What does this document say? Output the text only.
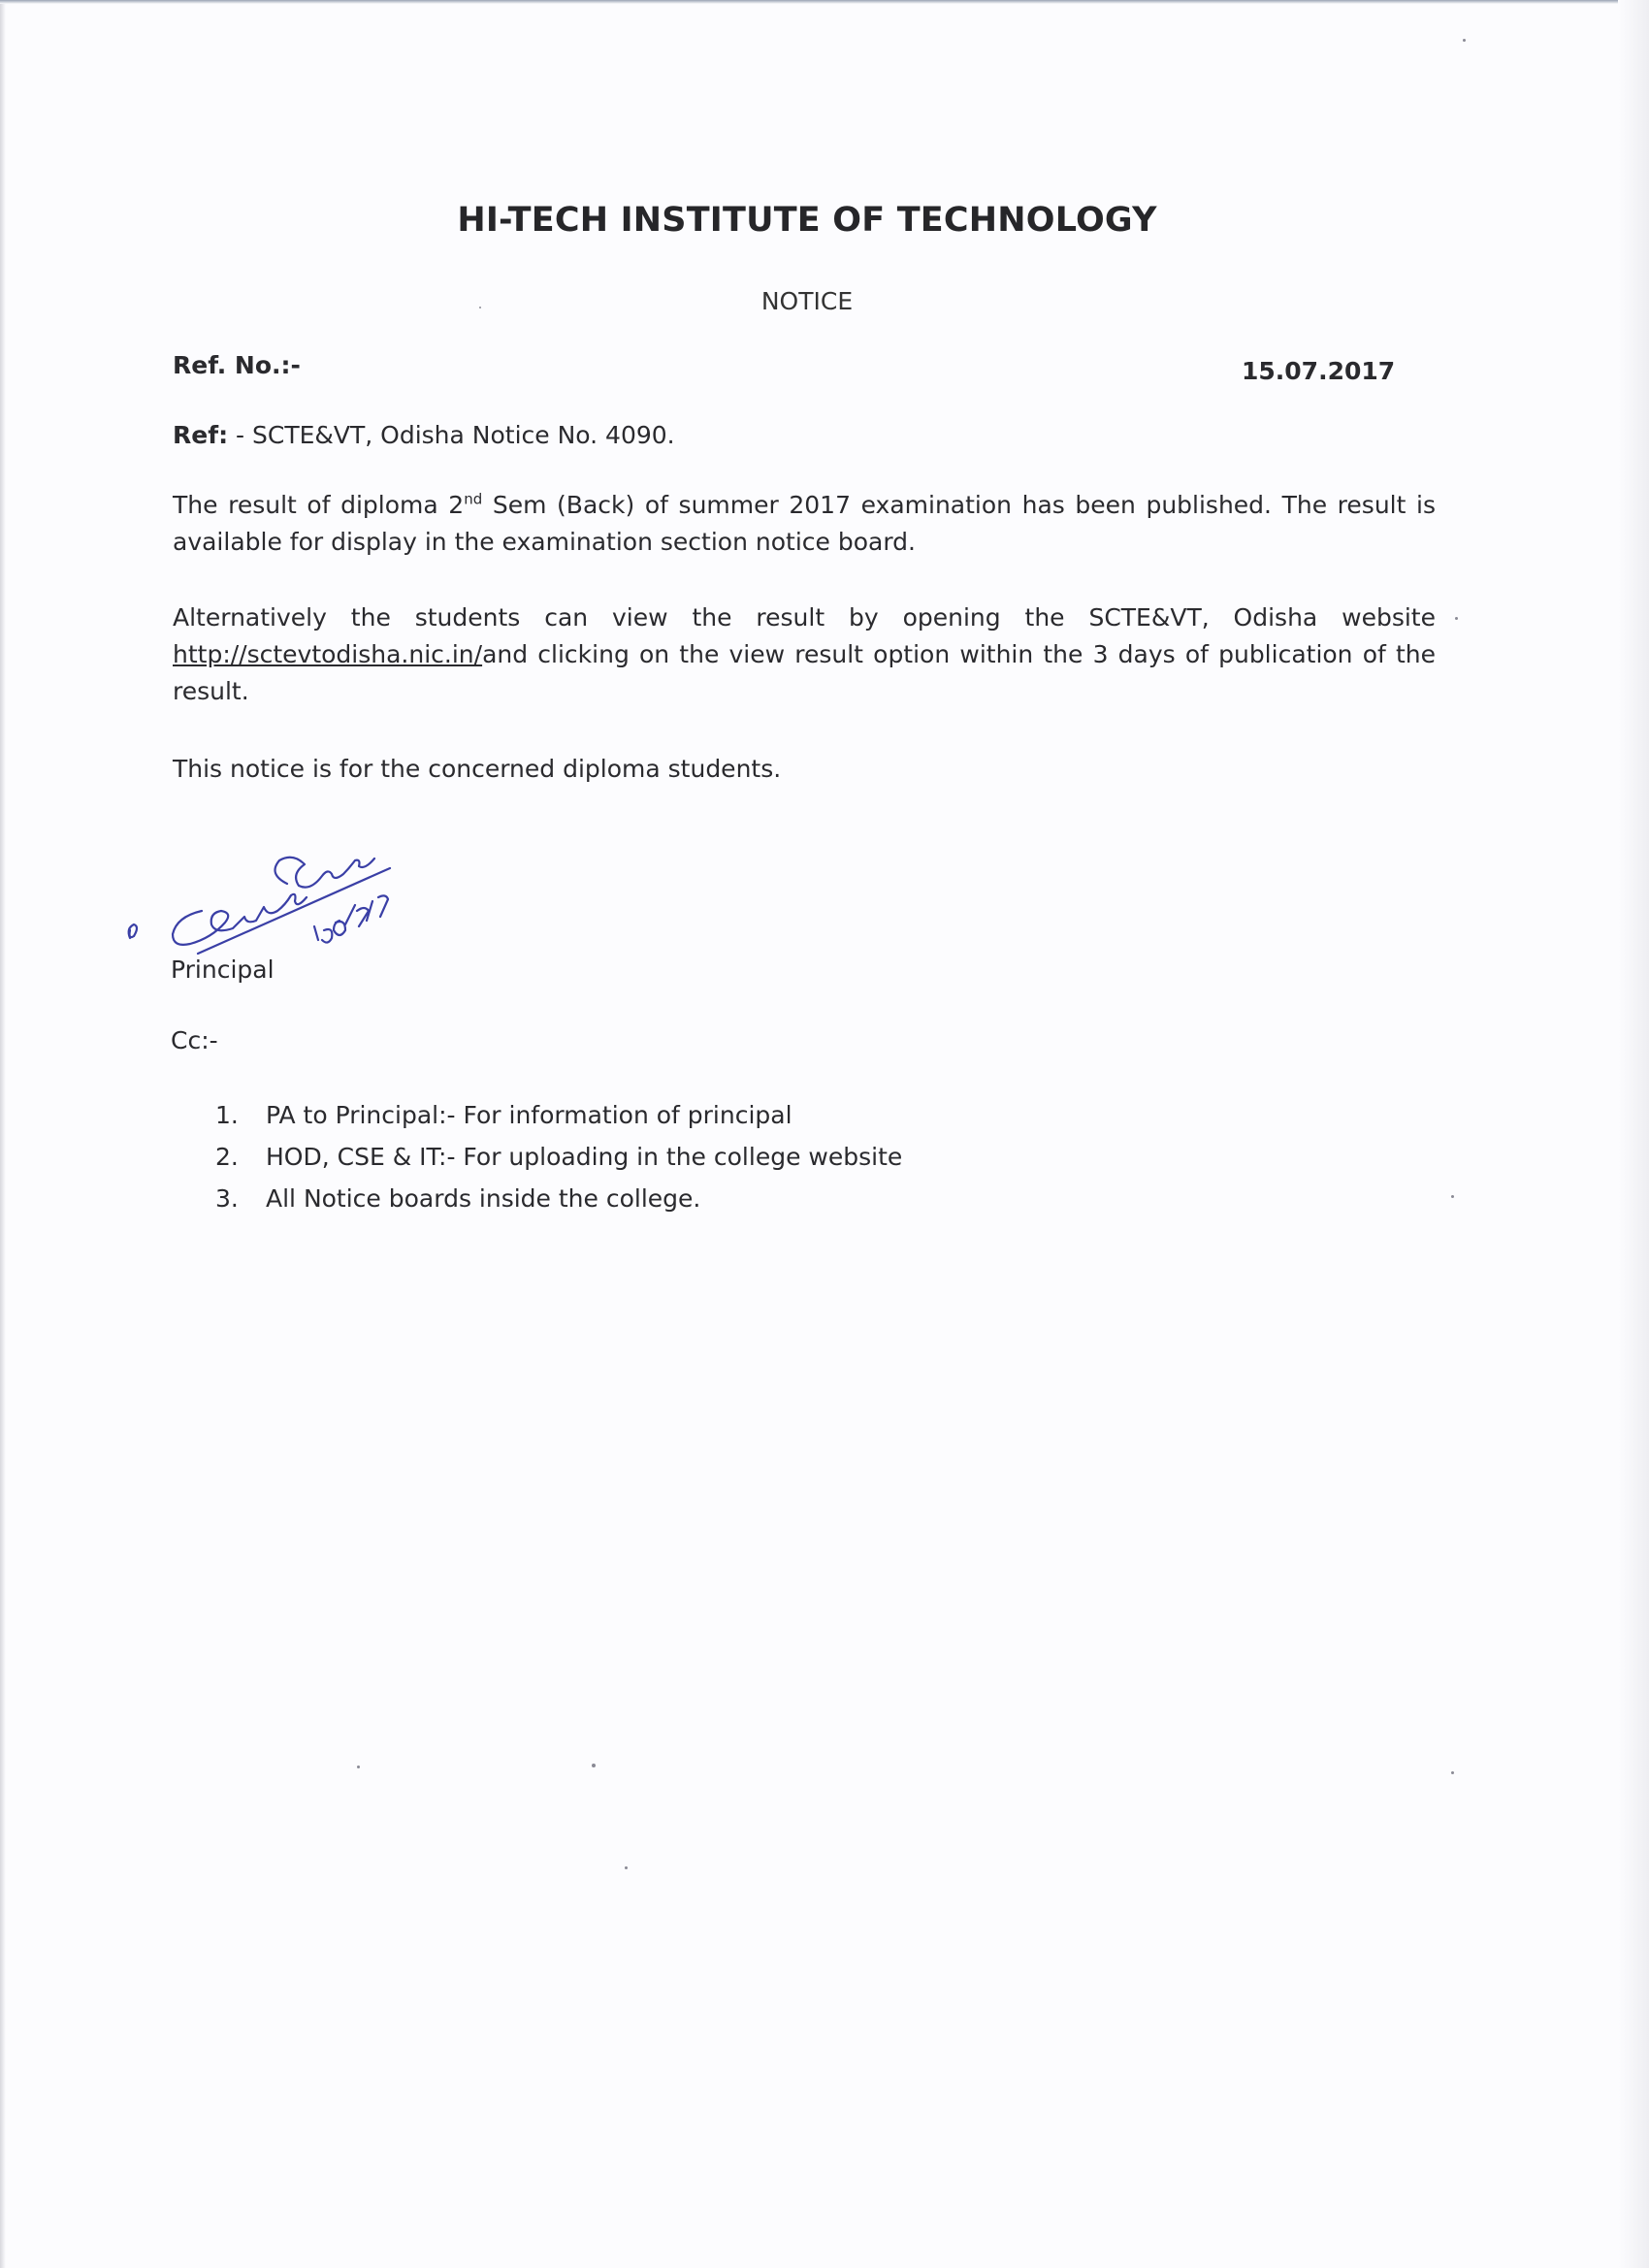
HI-TECH INSTITUTE OF TECHNOLOGY
NOTICE
Ref. No.:-	15.07.2017
Ref: - SCTE&VT, Odisha Notice No. 4090.

The result of diploma 2nd Sem (Back) of summer 2017 examination has been published. The result is available for display in the examination section notice board.

Alternatively the students can view the result by opening the SCTE&VT, Odisha website http://sctevtodisha.nic.in/and clicking on the view result option within the 3 days of publication of the result.

This notice is for the concerned diploma students.

Principal
Cc:-
1. PA to Principal:- For information of principal
2. HOD, CSE & IT:- For uploading in the college website
3. All Notice boards inside the college.
